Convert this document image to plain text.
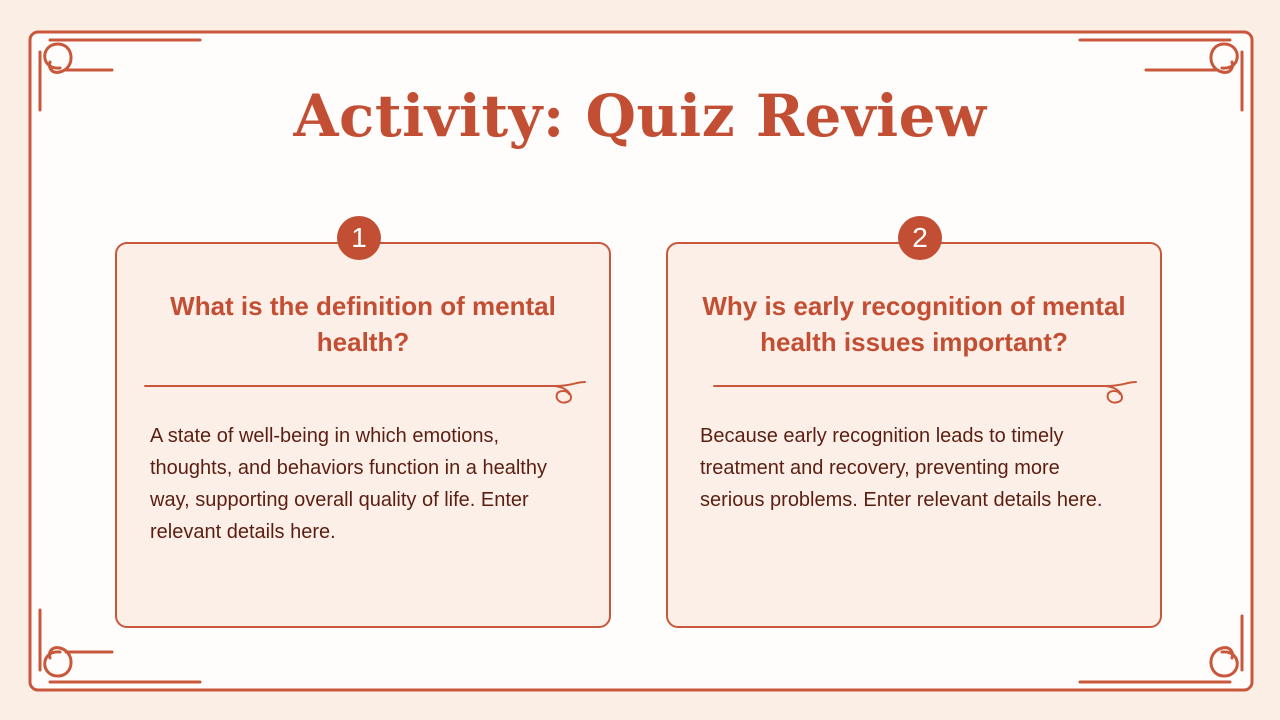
Activity: Quiz Review
What is the definition of mental health?
A state of well-being in which emotions, thoughts, and behaviors function in a healthy way, supporting overall quality of life. Enter relevant details here.
1
Why is early recognition of mental health issues important?
Because early recognition leads to timely treatment and recovery, preventing more serious problems. Enter relevant details here.
2
